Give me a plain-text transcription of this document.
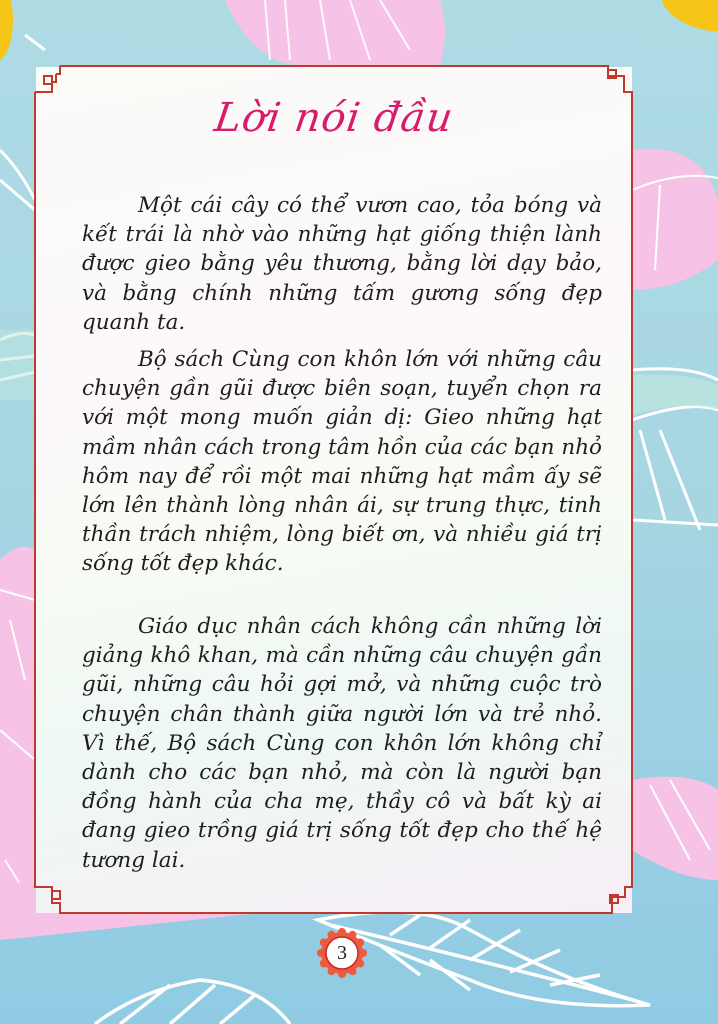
Lời nói đầu

Một cái cây có thể vươn cao, tỏa bóng và kết trái là nhờ vào những hạt giống thiện lành được gieo bằng yêu thương, bằng lời dạy bảo, và bằng chính những tấm gương sống đẹp quanh ta.

Bộ sách Cùng con khôn lớn với những câu chuyện gần gũi được biên soạn, tuyển chọn ra với một mong muốn giản dị: Gieo những hạt mầm nhân cách trong tâm hồn của các bạn nhỏ hôm nay để rồi một mai những hạt mầm ấy sẽ lớn lên thành lòng nhân ái, sự trung thực, tinh thần trách nhiệm, lòng biết ơn, và nhiều giá trị sống tốt đẹp khác.

Giáo dục nhân cách không cần những lời giảng khô khan, mà cần những câu chuyện gần gũi, những câu hỏi gợi mở, và những cuộc trò chuyện chân thành giữa người lớn và trẻ nhỏ. Vì thế, Bộ sách Cùng con khôn lớn không chỉ dành cho các bạn nhỏ, mà còn là người bạn đồng hành của cha mẹ, thầy cô và bất kỳ ai đang gieo trồng giá trị sống tốt đẹp cho thế hệ tương lai.

3
